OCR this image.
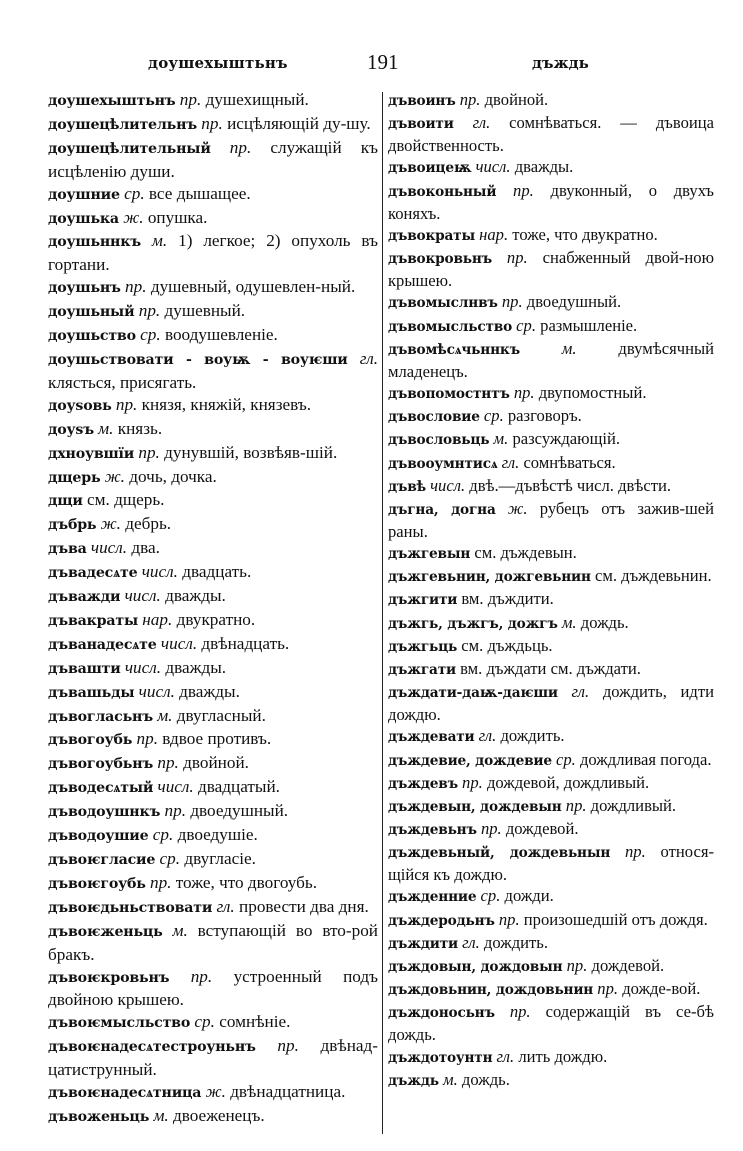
доушехыштьнъ	191	дъждь
доушехыштьнъ пр. душехищный.
доушецѣлительнъ пр. исцѣляющій ду-шу.
доушецѣлительный пр. служащій къ исцѣленію души.
доушние ср. все дышащее.
доушька ж. опушка.
доушьннкъ м. 1) легкое; 2) опухоль въ гортани.
доушьнъ пр. душевный, одушевлен-ный.
доушьный пр. душевный.
доушьство ср. воодушевленіе.
доушьствовати - воуѭ - воуѥши гл. клясться, присягать.
доуѕовь пр. князя, княжій, князевъ.
доуѕъ м. князь.
дхноувшїи пр. дунувшій, возвѣяв-шій.
дщерь ж. дочь, дочка.
дщи см. дщерь.
дъбрь ж. дебрь.
дъва числ. два.
дъвадесѧте числ. двадцать.
дъважди числ. дважды.
дъвакраты нар. двукратно.
дъванадесѧте числ. двѣнадцать.
дъвашти числ. дважды.
дъвашьды числ. дважды.
дъвогласьнъ м. двугласный.
дъвогоубь пр. вдвое противъ.
дъвогоубьнъ пр. двойной.
дъводесѧтый числ. двадцатый.
дъводоушнкъ пр. двоедушный.
дъводоушие ср. двоедушіе.
дъвоѥгласие ср. двугласіе.
дъвоѥгоубь пр. тоже, что двогоубь.
дъвоѥдьньствовати гл. провести два дня.
дъвоѥженьць м. вступающій во вто-рой бракъ.
дъвоѥкровьнъ пр. устроенный подъ двойною крышею.
дъвоѥмысльство ср. сомнѣніе.
дъвоѥнадесѧтестроуньнъ пр. двѣнад-цатиструнный.
дъвоѥнадесѧтница ж. двѣнадцатница.
дъвоженьць м. двоеженецъ.
дъвоинъ пр. двойной.
дъвоити гл. сомнѣваться. — дъвоица двойственность.
дъвоицеѭ числ. дважды.
дъвоконьный пр. двуконный, о двухъ коняхъ.
дъвократы нар. тоже, что двукратно.
дъвокровьнъ пр. снабженный двой-ною крышею.
дъвомыслнвъ пр. двоедушный.
дъвомысльство ср. размышленіе.
дъвомѣсѧчьннкъ	м.	двумѣсячный младенецъ.
дъвопомостнтъ пр. двупомостный.
дъвословие ср. разговоръ.
дъвословьць м. разсуждающій.
дъвооумнтисѧ гл. сомнѣваться.
дъвѣ числ. двѣ.—дъвѣстѣ числ. двѣсти.
дъгна, догна ж. рубецъ отъ зажив-шей раны.
дъжгевын см. дъждевын.
дъжгевьнин, дожгевьнин см. дъждевьнин.
дъжгити вм. дъждити.
дъжгь, дъжгъ, дожгъ м. дождь.
дъжгьць см. дъждьць.
дъжгати вм. дъждати см. дъждати.
дъждати-даѭ-даѥши гл. дождить, идти дождю.
дъждевати гл. дождить.
дъждевие, дождевие ср. дождливая погода.
дъждевъ пр. дождевой, дождливый.
дъждевын, дождевын пр. дождливый.
дъждевьнъ пр. дождевой.
дъждевьный, дождевьнын пр. относя-щійся къ дождю.
дъжденние ср. дожди.
дъждеродьнъ пр. произошедшій отъ дождя.
дъждити гл. дождить.
дъждовын, дождовын пр. дождевой.
дъждовьнин, дождовьнин пр. дожде-вой.
дъждоносьнъ пр. содержащій въ се-бѣ дождь.
дъждотоунтн гл. лить дождю.
дъждь м. дождь.
